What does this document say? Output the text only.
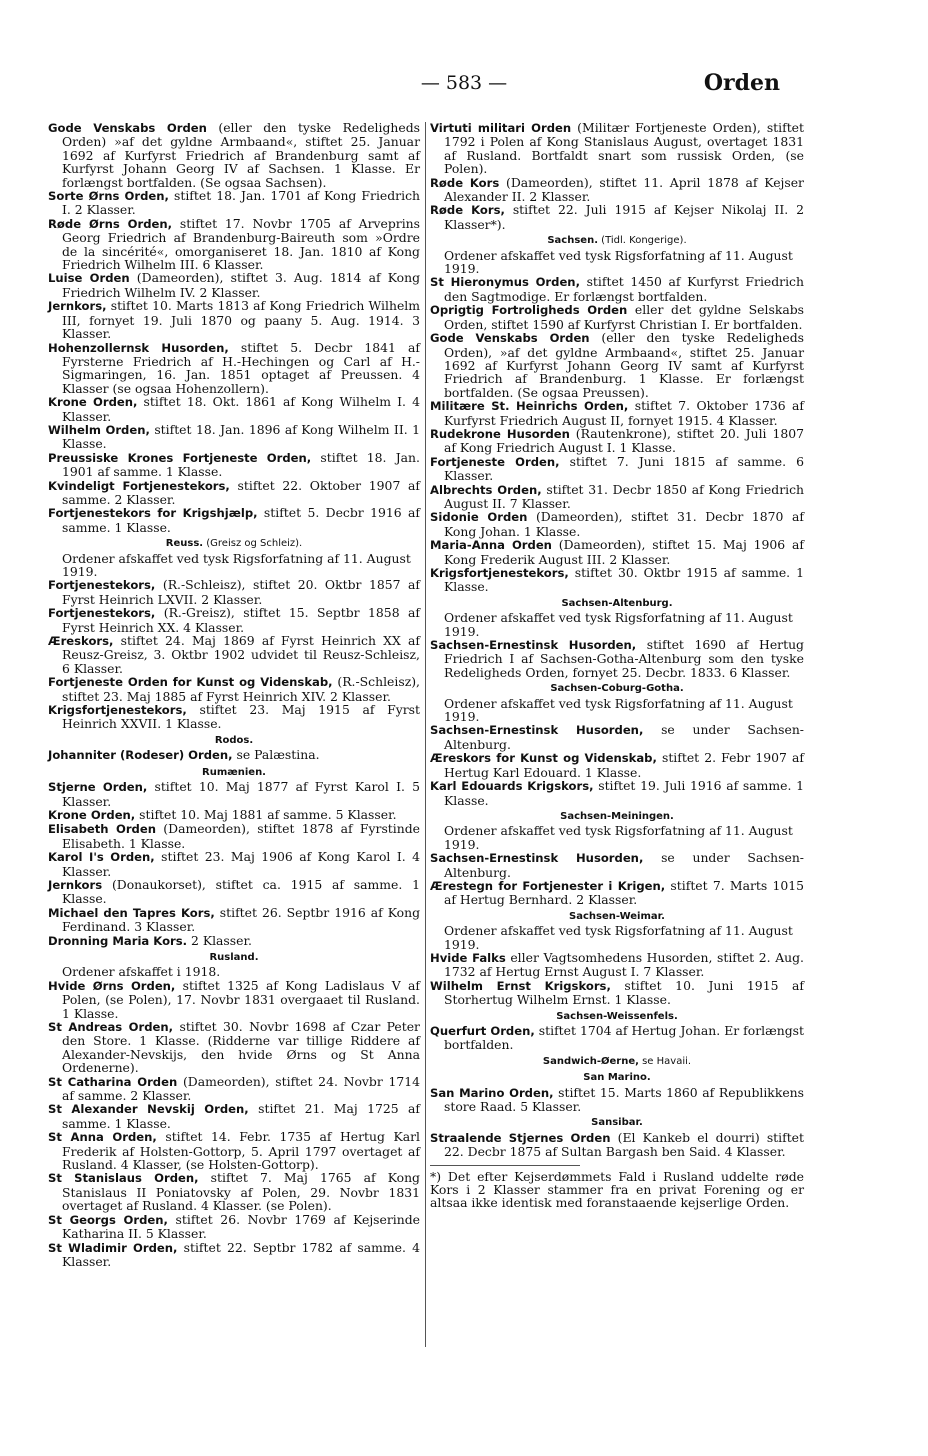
— 583 —	Orden

Gode Venskabs Orden (eller den tyske Redeligheds Orden) »af det gyldne Armbaand«, stiftet 25. Januar 1692 af Kurfyrst Friedrich af Brandenburg samt af Kurfyrst Johann Georg IV af Sachsen. 1 Klasse. Er forlængst bortfalden. (Se ogsaa Sachsen).

Sorte Ørns Orden, stiftet 18. Jan. 1701 af Kong Friedrich I. 2 Klasser.

Røde Ørns Orden, stiftet 17. Novbr 1705 af Arveprins Georg Friedrich af Brandenburg-Baireuth som »Ordre de la sincérité«, omorganiseret 18. Jan. 1810 af Kong Friedrich Wilhelm III. 6 Klasser.

Luise Orden (Dameorden), stiftet 3. Aug. 1814 af Kong Friedrich Wilhelm IV. 2 Klasser.

Jernkors, stiftet 10. Marts 1813 af Kong Friedrich Wilhelm III, fornyet 19. Juli 1870 og paany 5. Aug. 1914. 3 Klasser.

Hohenzollernsk Husorden, stiftet 5. Decbr 1841 af Fyrsterne Friedrich af H.-Hechingen og Carl af H.-Sigmaringen, 16. Jan. 1851 optaget af Preussen. 4 Klasser (se ogsaa Hohenzollern).

Krone Orden, stiftet 18. Okt. 1861 af Kong Wilhelm I. 4 Klasser.

Wilhelm Orden, stiftet 18. Jan. 1896 af Kong Wilhelm II. 1 Klasse.

Preussiske Krones Fortjeneste Orden, stiftet 18. Jan. 1901 af samme. 1 Klasse.

Kvindeligt Fortjenestekors, stiftet 22. Oktober 1907 af samme. 2 Klasser.

Fortjenestekors for Krigshjælp, stiftet 5. Decbr 1916 af samme. 1 Klasse.

Reuss. (Greisz og Schleiz).

Ordener afskaffet ved tysk Rigsforfatning af 11. August 1919.

Fortjenestekors, (R.-Schleisz), stiftet 20. Oktbr 1857 af Fyrst Heinrich LXVII. 2 Klasser.

Fortjenestekors, (R.-Greisz), stiftet 15. Septbr 1858 af Fyrst Heinrich XX. 4 Klasser.

Æreskors, stiftet 24. Maj 1869 af Fyrst Heinrich XX af Reusz-Greisz, 3. Oktbr 1902 udvidet til Reusz-Schleisz, 6 Klasser.

Fortjeneste Orden for Kunst og Videnskab, (R.-Schleisz), stiftet 23. Maj 1885 af Fyrst Heinrich XIV. 2 Klasser.

Krigsfortjenestekors, stiftet 23. Maj 1915 af Fyrst Heinrich XXVII. 1 Klasse.

Rodos.

Johanniter (Rodeser) Orden, se Palæstina.

Rumænien.

Stjerne Orden, stiftet 10. Maj 1877 af Fyrst Karol I. 5 Klasser.

Krone Orden, stiftet 10. Maj 1881 af samme. 5 Klasser.

Elisabeth Orden (Dameorden), stiftet 1878 af Fyrstinde Elisabeth. 1 Klasse.

Karol I's Orden, stiftet 23. Maj 1906 af Kong Karol I. 4 Klasser.

Jernkors (Donaukorset), stiftet ca. 1915 af samme. 1 Klasse.

Michael den Tapres Kors, stiftet 26. Septbr 1916 af Kong Ferdinand. 3 Klasser.

Dronning Maria Kors. 2 Klasser.

Rusland.

Ordener afskaffet i 1918.

Hvide Ørns Orden, stiftet 1325 af Kong Ladislaus V af Polen, (se Polen), 17. Novbr 1831 overgaaet til Rusland. 1 Klasse.

St Andreas Orden, stiftet 30. Novbr 1698 af Czar Peter den Store. 1 Klasse. (Ridderne var tillige Riddere af Alexander-Nevskijs, den hvide Ørns og St Anna Ordenerne).

St Catharina Orden (Dameorden), stiftet 24. Novbr 1714 af samme. 2 Klasser.

St Alexander Nevskij Orden, stiftet 21. Maj 1725 af samme. 1 Klasse.

St Anna Orden, stiftet 14. Febr. 1735 af Hertug Karl Frederik af Holsten-Gottorp, 5. April 1797 overtaget af Rusland. 4 Klasser, (se Holsten-Gottorp).

St Stanislaus Orden, stiftet 7. Maj 1765 af Kong Stanislaus II Poniatovsky af Polen, 29. Novbr 1831 overtaget af Rusland. 4 Klasser. (se Polen).

St Georgs Orden, stiftet 26. Novbr 1769 af Kejserinde Katharina II. 5 Klasser.

St Wladimir Orden, stiftet 22. Septbr 1782 af samme. 4 Klasser.

Virtuti militari Orden (Militær Fortjeneste Orden), stiftet 1792 i Polen af Kong Stanislaus August, overtaget 1831 af Rusland. Bortfaldt snart som russisk Orden, (se Polen).

Røde Kors (Dameorden), stiftet 11. April 1878 af Kejser Alexander II. 2 Klasser.

Røde Kors, stiftet 22. Juli 1915 af Kejser Nikolaj II. 2 Klasser*).

Sachsen. (Tidl. Kongerige).

Ordener afskaffet ved tysk Rigsforfatning af 11. August 1919.

St Hieronymus Orden, stiftet 1450 af Kurfyrst Friedrich den Sagtmodige. Er forlængst bortfalden.

Oprigtig Fortroligheds Orden eller det gyldne Selskabs Orden, stiftet 1590 af Kurfyrst Christian I. Er bortfalden.

Gode Venskabs Orden (eller den tyske Redeligheds Orden), »af det gyldne Armbaand«, stiftet 25. Januar 1692 af Kurfyrst Johann Georg IV samt af Kurfyrst Friedrich af Brandenburg. 1 Klasse. Er forlængst bortfalden. (Se ogsaa Preussen).

Militære St. Heinrichs Orden, stiftet 7. Oktober 1736 af Kurfyrst Friedrich August II, fornyet 1915. 4 Klasser.

Rudekrone Husorden (Rautenkrone), stiftet 20. Juli 1807 af Kong Friedrich August I. 1 Klasse.

Fortjeneste Orden, stiftet 7. Juni 1815 af samme. 6 Klasser.

Albrechts Orden, stiftet 31. Decbr 1850 af Kong Friedrich August II. 7 Klasser.

Sidonie Orden (Dameorden), stiftet 31. Decbr 1870 af Kong Johan. 1 Klasse.

Maria-Anna Orden (Dameorden), stiftet 15. Maj 1906 af Kong Frederik August III. 2 Klasser.

Krigsfortjenestekors, stiftet 30. Oktbr 1915 af samme. 1 Klasse.

Sachsen-Altenburg.

Ordener afskaffet ved tysk Rigsforfatning af 11. August 1919.

Sachsen-Ernestinsk Husorden, stiftet 1690 af Hertug Friedrich I af Sachsen-Gotha-Altenburg som den tyske Redeligheds Orden, fornyet 25. Decbr. 1833. 6 Klasser.

Sachsen-Coburg-Gotha.

Ordener afskaffet ved tysk Rigsforfatning af 11. August 1919.

Sachsen-Ernestinsk Husorden, se under Sachsen-Altenburg.

Æreskors for Kunst og Videnskab, stiftet 2. Febr 1907 af Hertug Karl Edouard. 1 Klasse.

Karl Edouards Krigskors, stiftet 19. Juli 1916 af samme. 1 Klasse.

Sachsen-Meiningen.

Ordener afskaffet ved tysk Rigsforfatning af 11. August 1919.

Sachsen-Ernestinsk Husorden, se under Sachsen-Altenburg.

Ærestegn for Fortjenester i Krigen, stiftet 7. Marts 1015 af Hertug Bernhard. 2 Klasser.

Sachsen-Weimar.

Ordener afskaffet ved tysk Rigsforfatning af 11. August 1919.

Hvide Falks eller Vagtsomhedens Husorden, stiftet 2. Aug. 1732 af Hertug Ernst August I. 7 Klasser.

Wilhelm Ernst Krigskors, stiftet 10. Juni 1915 af Storhertug Wilhelm Ernst. 1 Klasse.

Sachsen-Weissenfels.

Querfurt Orden, stiftet 1704 af Hertug Johan. Er forlængst bortfalden.

Sandwich-Øerne, se Havaii.
San Marino.

San Marino Orden, stiftet 15. Marts 1860 af Republikkens store Raad. 5 Klasser.

Sansibar.

Straalende Stjernes Orden (El Kankeb el dourri) stiftet 22. Decbr 1875 af Sultan Bargash ben Said. 4 Klasser.

*) Det efter Kejserdømmets Fald i Rusland uddelte røde Kors i 2 Klasser stammer fra en privat Forening og er altsaa ikke identisk med foranstaaende kejserlige Orden.
